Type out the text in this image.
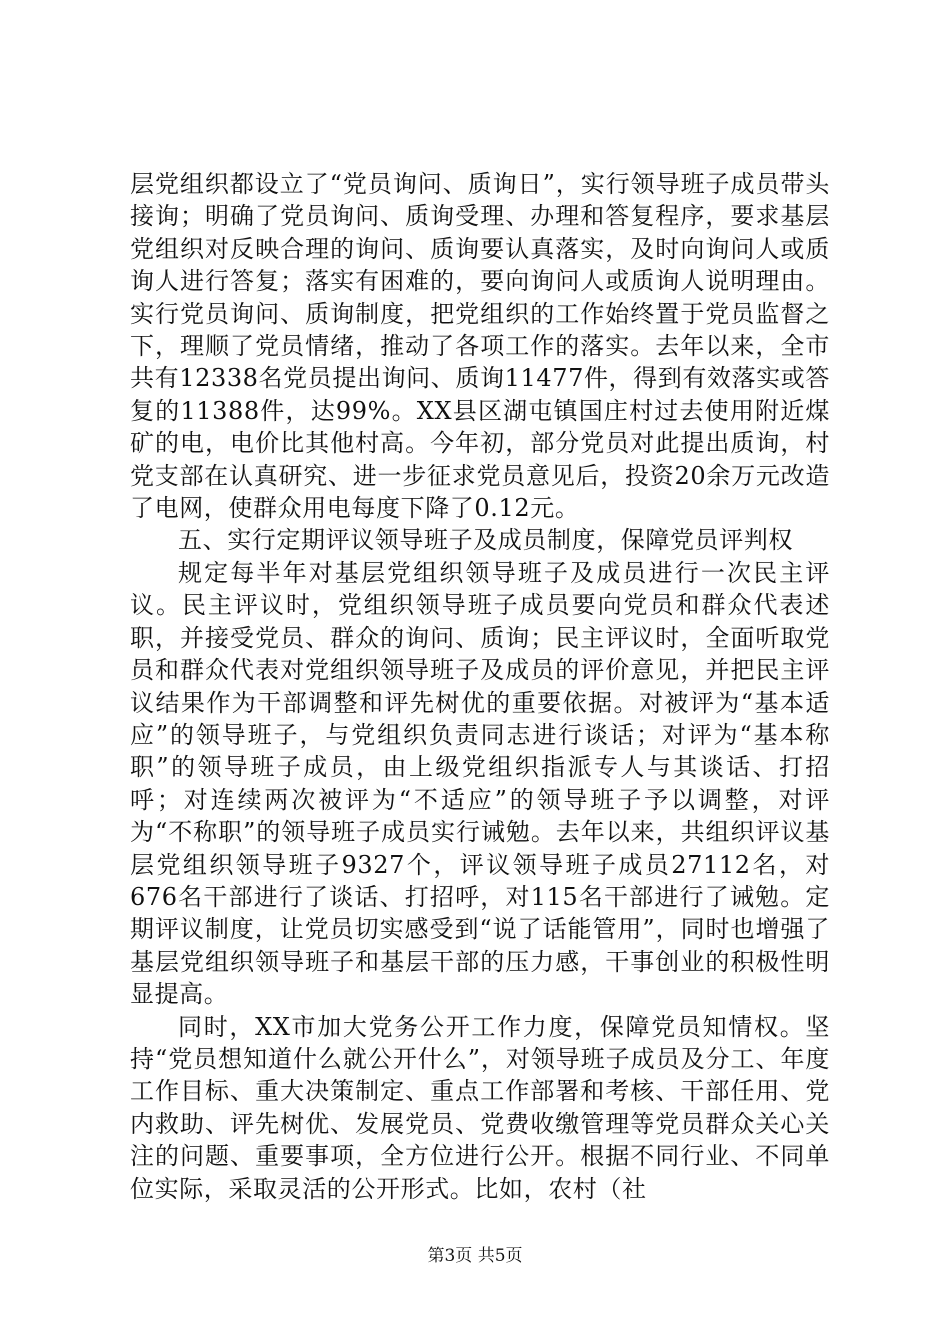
层党组织都设立了“党员询问、质询日”，实行领导班子成员带头接询；明确了党员询问、质询受理、办理和答复程序，要求基层党组织对反映合理的询问、质询要认真落实，及时向询问人或质询人进行答复；落实有困难的，要向询问人或质询人说明理由。实行党员询问、质询制度，把党组织的工作始终置于党员监督之下，理顺了党员情绪，推动了各项工作的落实。去年以来，全市共有12338名党员提出询问、质询11477件，得到有效落实或答复的11388件，达99%。XX县区湖屯镇国庄村过去使用附近煤矿的电，电价比其他村高。今年初，部分党员对此提出质询，村党支部在认真研究、进一步征求党员意见后，投资20余万元改造了电网，使群众用电每度下降了0.12元。

五、实行定期评议领导班子及成员制度，保障党员评判权

规定每半年对基层党组织领导班子及成员进行一次民主评议。民主评议时，党组织领导班子成员要向党员和群众代表述职，并接受党员、群众的询问、质询；民主评议时，全面听取党员和群众代表对党组织领导班子及成员的评价意见，并把民主评议结果作为干部调整和评先树优的重要依据。对被评为“基本适应”的领导班子，与党组织负责同志进行谈话；对评为“基本称职”的领导班子成员，由上级党组织指派专人与其谈话、打招呼；对连续两次被评为“不适应”的领导班子予以调整，对评为“不称职”的领导班子成员实行诫勉。去年以来，共组织评议基层党组织领导班子9327个，评议领导班子成员27112名，对676名干部进行了谈话、打招呼，对115名干部进行了诫勉。定期评议制度，让党员切实感受到“说了话能管用”，同时也增强了基层党组织领导班子和基层干部的压力感，干事创业的积极性明显提高。

同时，XX市加大党务公开工作力度，保障党员知情权。坚持“党员想知道什么就公开什么”，对领导班子成员及分工、年度工作目标、重大决策制定、重点工作部署和考核、干部任用、党内救助、评先树优、发展党员、党费收缴管理等党员群众关心关注的问题、重要事项，全方位进行公开。根据不同行业、不同单位实际，采取灵活的公开形式。比如，农村（社

第3页 共5页
